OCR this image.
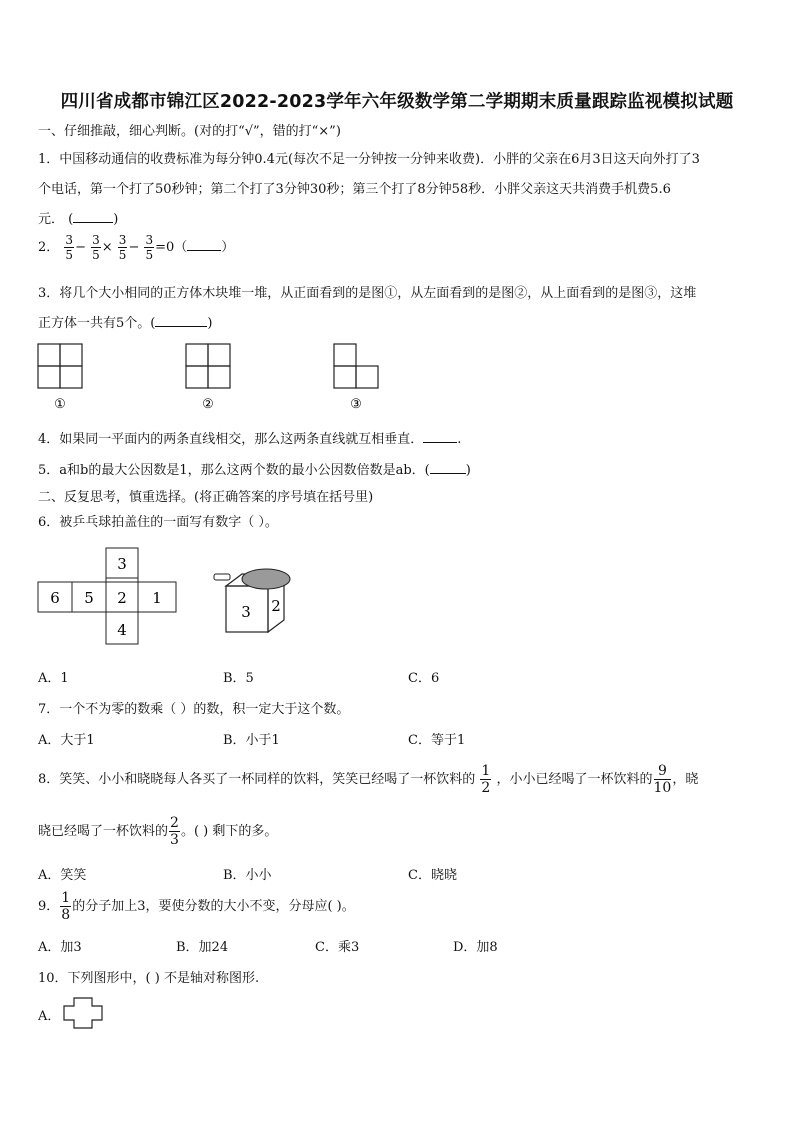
四川省成都市锦江区2022-2023学年六年级数学第二学期期末质量跟踪监视模拟试题
一、仔细推敲，细心判断。(对的打“√”，错的打“×”)
1．中国移动通信的收费标准为每分钟0.4元(每次不足一分钟按一分钟来收费)．小胖的父亲在6月3日这天向外打了3
个电话，第一个打了50秒钟；第二个打了3分钟30秒；第三个打了8分钟58秒．小胖父亲这天共消费手机费5.6
元． (	)
2． $\frac{3}{5} - \frac{3}{5} \times \frac{3}{5} - \frac{3}{5} =0$（	）
3．将几个大小相同的正方体木块堆一堆，从正面看到的是图①，从左面看到的是图②，从上面看到的是图③，这堆
正方体一共有5个。(	)
①	②	③
4．如果同一平面内的两条直线相交，那么这两条直线就互相垂直．	.
5．a和b的最大公因数是1，那么这两个数的最小公因数倍数是ab．(	)
二、反复思考，慎重选择。(将正确答案的序号填在括号里)
6．被乒乓球拍盖住的一面写有数字（ ）。
3
6 5 2 1
4
3 2
A．1	B．5	C．6
7．一个不为零的数乘（ ）的数，积一定大于这个数。
A．大于1	B．小于1	C．等于1
8．笑笑、小小和晓晓每人各买了一杯同样的饮料，笑笑已经喝了一杯饮料的 $\frac{1}{2}$ ，小小已经喝了一杯饮料的 $\frac{9}{10}$ ，晓
晓已经喝了一杯饮料的 $\frac{2}{3}$ 。( ) 剩下的多。
A．笑笑	B．小小	C．晓晓
9． $\frac{1}{8}$ 的分子加上3，要使分数的大小不变，分母应( )。
A．加3	B．加24	C．乘3	D．加8
10．下列图形中，( ) 不是轴对称图形.
A．
